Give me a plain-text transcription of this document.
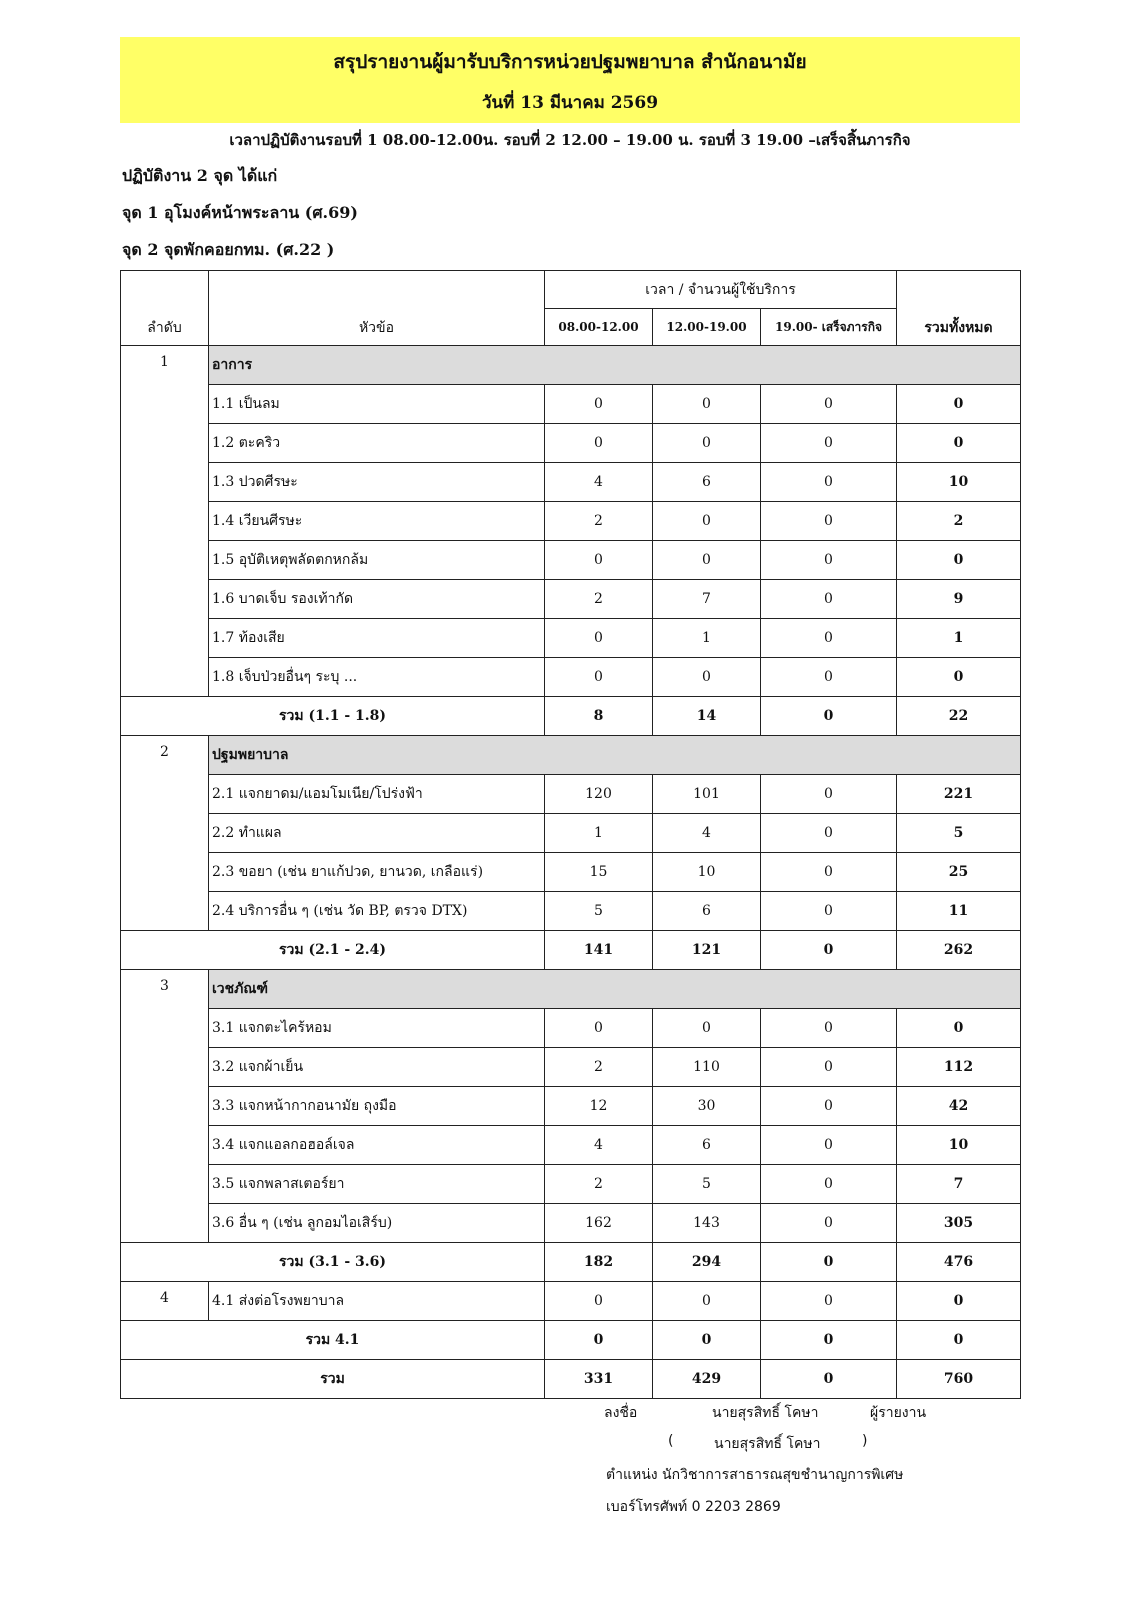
สรุปรายงานผู้มารับบริการหน่วยปฐมพยาบาล สำนักอนามัย
วันที่ 13 มีนาคม 2569
เวลาปฏิบัติงานรอบที่ 1 08.00-12.00น. รอบที่ 2 12.00 – 19.00 น. รอบที่ 3 19.00 –เสร็จสิ้นภารกิจ
ปฏิบัติงาน 2 จุด ได้แก่
จุด 1 อุโมงค์หน้าพระลาน (ศ.69)
จุด 2 จุดพักคอยกทม. (ศ.22 )
ลำดับ	หัวข้อ	เวลา / จำนวนผู้ใช้บริการ			รวมทั้งหมด
		08.00-12.00	12.00-19.00	19.00- เสร็จภารกิจ	
1	อาการ				
	1.1 เป็นลม	0	0	0	0
	1.2 ตะคริว	0	0	0	0
	1.3 ปวดศีรษะ	4	6	0	10
	1.4 เวียนศีรษะ	2	0	0	2
	1.5 อุบัติเหตุพลัดตกหกล้ม	0	0	0	0
	1.6 บาดเจ็บ รองเท้ากัด	2	7	0	9
	1.7 ท้องเสีย	0	1	0	1
	1.8 เจ็บป่วยอื่นๆ ระบุ ...	0	0	0	0
รวม (1.1 - 1.8)		8	14	0	22
2	ปฐมพยาบาล				
	2.1 แจกยาดม/แอมโมเนีย/โปร่งฟ้า	120	101	0	221
	2.2 ทำแผล	1	4	0	5
	2.3 ขอยา (เช่น ยาแก้ปวด, ยานวด, เกลือแร่)	15	10	0	25
	2.4 บริการอื่น ๆ (เช่น วัด BP, ตรวจ DTX)	5	6	0	11
รวม (2.1 - 2.4)		141	121	0	262
3	เวชภัณฑ์				
	3.1 แจกตะไคร้หอม	0	0	0	0
	3.2 แจกผ้าเย็น	2	110	0	112
	3.3 แจกหน้ากากอนามัย ถุงมือ	12	30	0	42
	3.4 แจกแอลกอฮอล์เจล	4	6	0	10
	3.5 แจกพลาสเตอร์ยา	2	5	0	7
	3.6 อื่น ๆ (เช่น ลูกอมไอเสิร์บ)	162	143	0	305
รวม (3.1 - 3.6)		182	294	0	476
4	4.1 ส่งต่อโรงพยาบาล	0	0	0	0
รวม 4.1		0	0	0	0
รวม		331	429	0	760
ลงชื่อ	นายสุรสิทธิ์ โคษา	ผู้รายงาน
(	นายสุรสิทธิ์ โคษา	)
ตำแหน่ง นักวิชาการสาธารณสุขชำนาญการพิเศษ
เบอร์โทรศัพท์ 0 2203 2869
